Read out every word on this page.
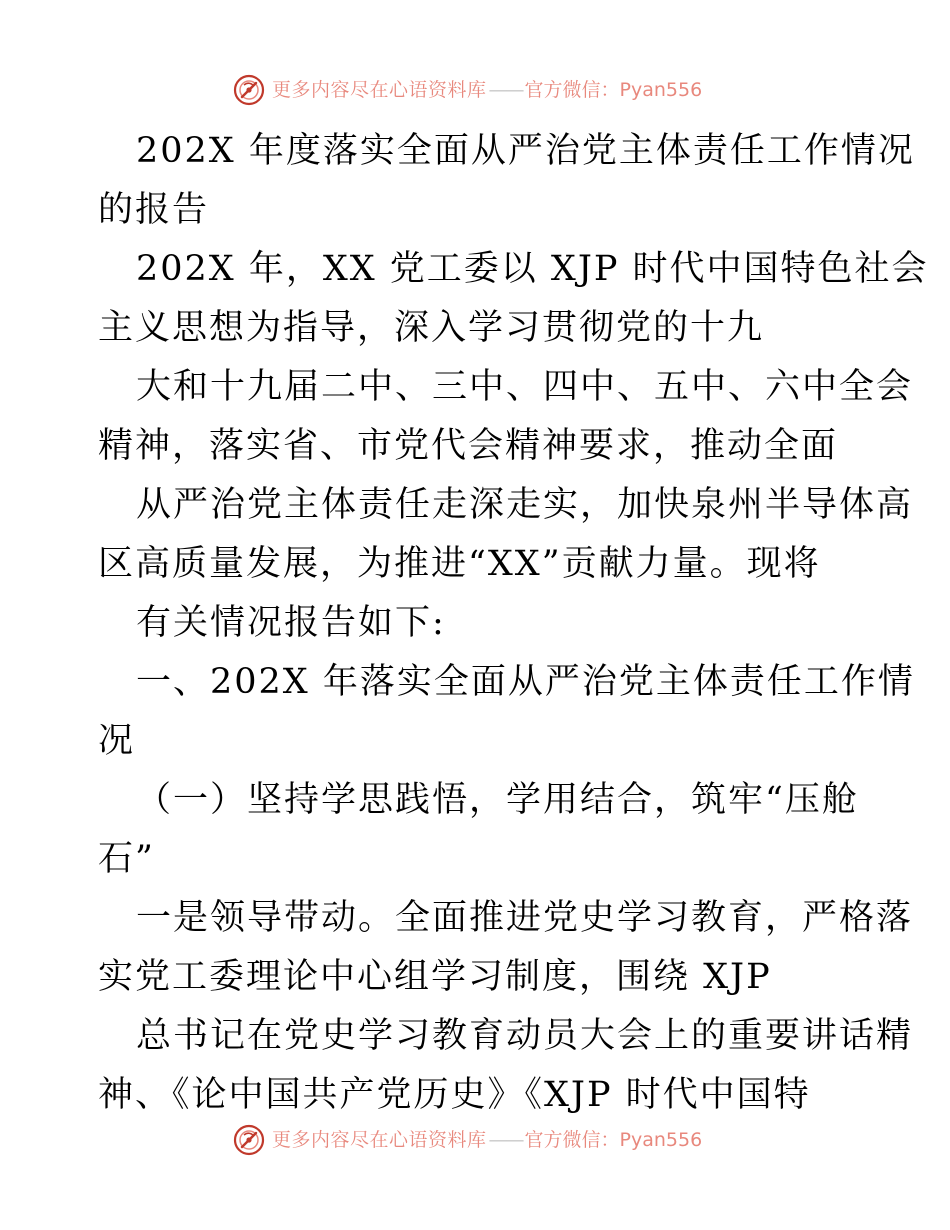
更多内容尽在心语资料库 —— 官方微信： Pyan556
202X 年度落实全面从严治党主体责任工作情况
的报告
202X 年，XX 党工委以 XJP 时代中国特色社会
主义思想为指导，深入学习贯彻党的十九
大和十九届二中、三中、四中、五中、六中全会
精神，落实省、市党代会精神要求，推动全面
从严治党主体责任走深走实，加快泉州半导体高
区高质量发展，为推进“XX”贡献力量。现将
有关情况报告如下:
一、202X 年落实全面从严治党主体责任工作情
况
（一）坚持学思践悟，学用结合，筑牢“压舱
石”
一是领导带动。全面推进党史学习教育，严格落
实党工委理论中心组学习制度，围绕 XJP
总书记在党史学习教育动员大会上的重要讲话精
神、《论中国共产党历史》《XJP 时代中国特
更多内容尽在心语资料库 —— 官方微信： Pyan556
